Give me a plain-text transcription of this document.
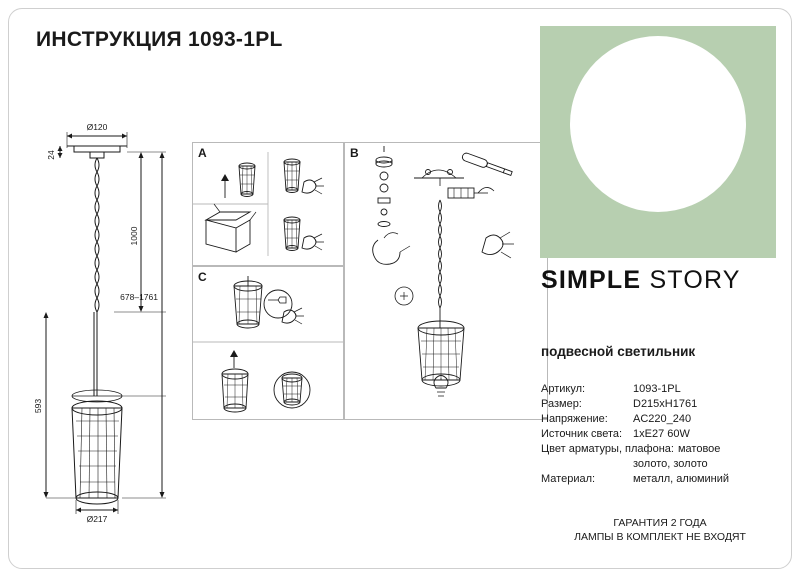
ИНСТРУКЦИЯ 1093-1PL
Ø120
24
1000
678–1761
593
Ø217
A
C
B
SIMPLE STORY
подвесной светильник
Артикул:	1093-1PL
Размер:	D215xH1761
Напряжение:	AC220_240
Источник света: 1xE27 60W
Цвет арматуры, плафона: матовое
золото, золото
Материал:	металл, алюминий
ГАРАНТИЯ 2 ГОДА
ЛАМПЫ В КОМПЛЕКТ НЕ ВХОДЯТ
